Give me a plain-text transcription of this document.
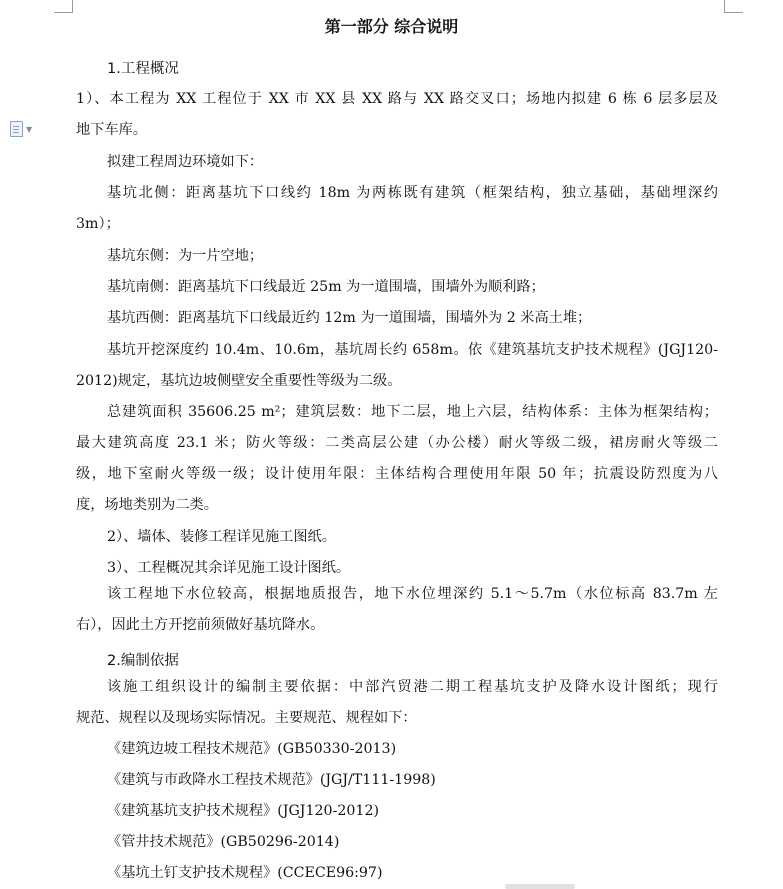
▼
第一部分 综合说明
1.工程概况
1）、本工程为 XX 工程位于 XX 市 XX 县 XX 路与 XX 路交叉口；场地内拟建 6 栋 6 层多层及
地下车库。
拟建工程周边环境如下：
基坑北侧：距离基坑下口线约 18m 为两栋既有建筑（框架结构，独立基础，基础埋深约
3m）；
基坑东侧：为一片空地；
基坑南侧：距离基坑下口线最近 25m 为一道围墙，围墙外为顺利路；
基坑西侧：距离基坑下口线最近约 12m 为一道围墙，围墙外为 2 米高土堆；
基坑开挖深度约 10.4m、10.6m，基坑周长约 658m。依《建筑基坑支护技术规程》(JGJ120-
2012)规定，基坑边坡侧壁安全重要性等级为二级。
总建筑面积 35606.25 m²；建筑层数：地下二层，地上六层，结构体系：主体为框架结构；
最大建筑高度 23.1 米；防火等级：二类高层公建（办公楼）耐火等级二级，裙房耐火等级二
级，地下室耐火等级一级；设计使用年限：主体结构合理使用年限 50 年；抗震设防烈度为八
度，场地类别为二类。
2）、墙体、装修工程详见施工图纸。
3）、工程概况其余详见施工设计图纸。
该工程地下水位较高，根据地质报告，地下水位埋深约 5.1～5.7m（水位标高 83.7m 左
右），因此土方开挖前须做好基坑降水。
2.编制依据
该施工组织设计的编制主要依据：中部汽贸港二期工程基坑支护及降水设计图纸；现行
规范、规程以及现场实际情况。主要规范、规程如下：
《建筑边坡工程技术规范》(GB50330-2013)
《建筑与市政降水工程技术规范》(JGJ/T111-1998)
《建筑基坑支护技术规程》(JGJ120-2012)
《管井技术规范》(GB50296-2014)
《基坑土钉支护技术规程》(CCECE96:97)
